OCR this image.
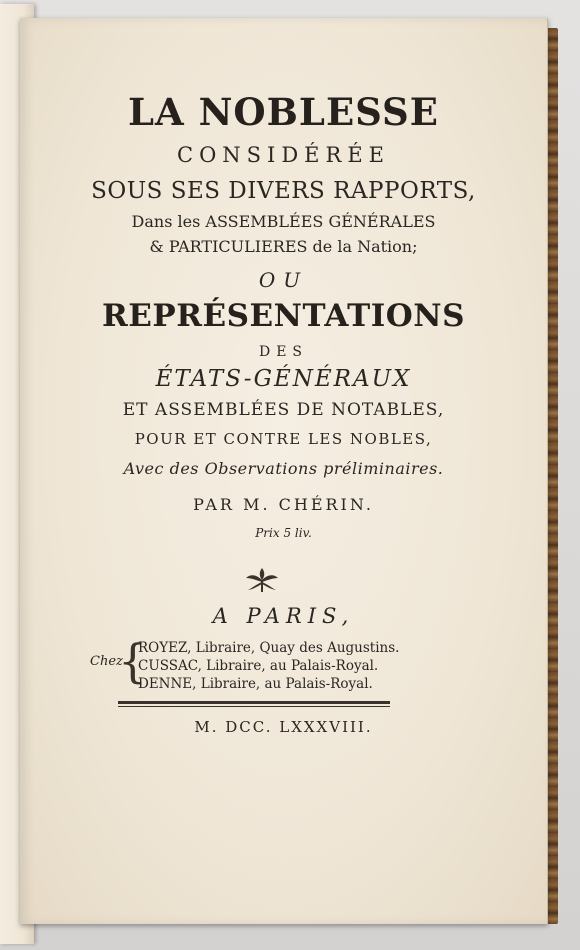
LA NOBLESSE
CONSIDÉRÉE
SOUS SES DIVERS RAPPORTS,
Dans les ASSEMBLÉES GÉNÉRALES
& PARTICULIERES de la Nation;
OU
REPRÉSENTATIONS
DES
ÉTATS-GÉNÉRAUX
ET ASSEMBLÉES DE NOTABLES,
POUR ET CONTRE LES NOBLES,
Avec des Observations préliminaires.
PAR M. CHÉRIN.
Prix 5 liv.
A PARIS,
Chez
{
ROYEZ, Libraire, Quay des Augustins.
CUSSAC, Libraire, au Palais-Royal.
DENNE, Libraire, au Palais-Royal.
M. DCC. LXXXVIII.
